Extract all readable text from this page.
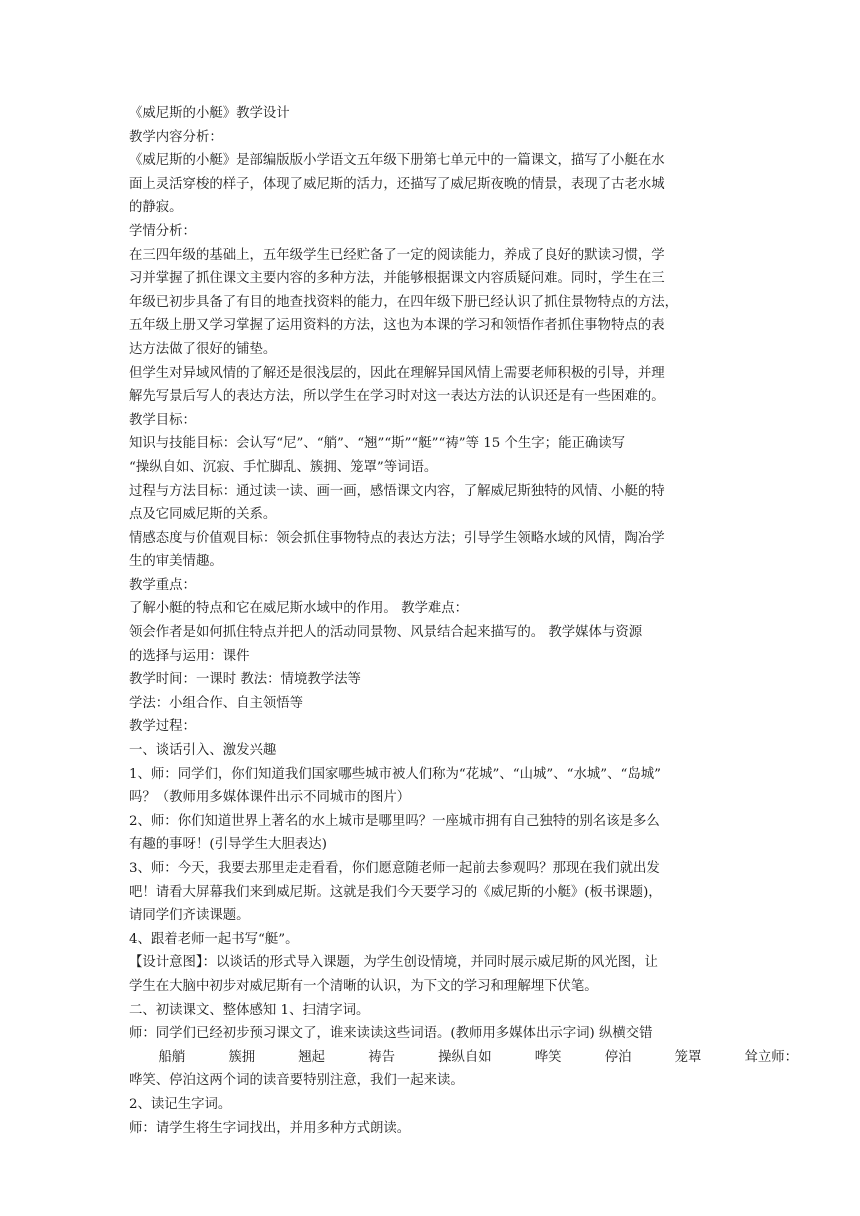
《威尼斯的小艇》教学设计
教学内容分析：
《威尼斯的小艇》是部编版版小学语文五年级下册第七单元中的一篇课文，描写了小艇在水
面上灵活穿梭的样子，体现了威尼斯的活力，还描写了威尼斯夜晚的情景，表现了古老水城
的静寂。
学情分析：
在三四年级的基础上，五年级学生已经贮备了一定的阅读能力，养成了良好的默读习惯，学
习并掌握了抓住课文主要内容的多种方法，并能够根据课文内容质疑问难。同时，学生在三
年级已初步具备了有目的地查找资料的能力，在四年级下册已经认识了抓住景物特点的方法，
五年级上册又学习掌握了运用资料的方法，这也为本课的学习和领悟作者抓住事物特点的表
达方法做了很好的铺垫。
但学生对异域风情的了解还是很浅层的，因此在理解异国风情上需要老师积极的引导，并理
解先写景后写人的表达方法，所以学生在学习时对这一表达方法的认识还是有一些困难的。
教学目标：
知识与技能目标：会认写“尼”、“艄”、“翘”“斯”“艇”“祷”等 15 个生字；能正确读写
“操纵自如、沉寂、手忙脚乱、簇拥、笼罩”等词语。
过程与方法目标：通过读一读、画一画，感悟课文内容，了解威尼斯独特的风情、小艇的特
点及它同威尼斯的关系。
情感态度与价值观目标：领会抓住事物特点的表达方法；引导学生领略水域的风情，陶冶学
生的审美情趣。
教学重点：
了解小艇的特点和它在威尼斯水域中的作用。 教学难点：
领会作者是如何抓住特点并把人的活动同景物、风景结合起来描写的。 教学媒体与资源
的选择与运用：课件
教学时间：一课时 教法：情境教学法等
学法：小组合作、自主领悟等
教学过程：
一、谈话引入、激发兴趣
1、师：同学们，你们知道我们国家哪些城市被人们称为“花城”、“山城”、“水城”、“岛城”
吗？（教师用多媒体课件出示不同城市的图片）
2、师：你们知道世界上著名的水上城市是哪里吗？一座城市拥有自己独特的别名该是多么
有趣的事呀！(引导学生大胆表达)
3、师：今天，我要去那里走走看看，你们愿意随老师一起前去参观吗？那现在我们就出发
吧！请看大屏幕我们来到威尼斯。这就是我们今天要学习的《威尼斯的小艇》(板书课题)，
请同学们齐读课题。
4、跟着老师一起书写“艇”。
【设计意图】：以谈话的形式导入课题，为学生创设情境，并同时展示威尼斯的风光图，让
学生在大脑中初步对威尼斯有一个清晰的认识，为下文的学习和理解埋下伏笔。
二、初读课文、整体感知 1、扫清字词。
师：同学们已经初步预习课文了，谁来读读这些词语。(教师用多媒体出示字词) 纵横交错
船艄	簇拥	翘起	祷告	操纵自如	哗笑	停泊	笼罩	耸立师：
哗笑、停泊这两个词的读音要特别注意，我们一起来读。
2、读记生字词。
师：请学生将生字词找出，并用多种方式朗读。
